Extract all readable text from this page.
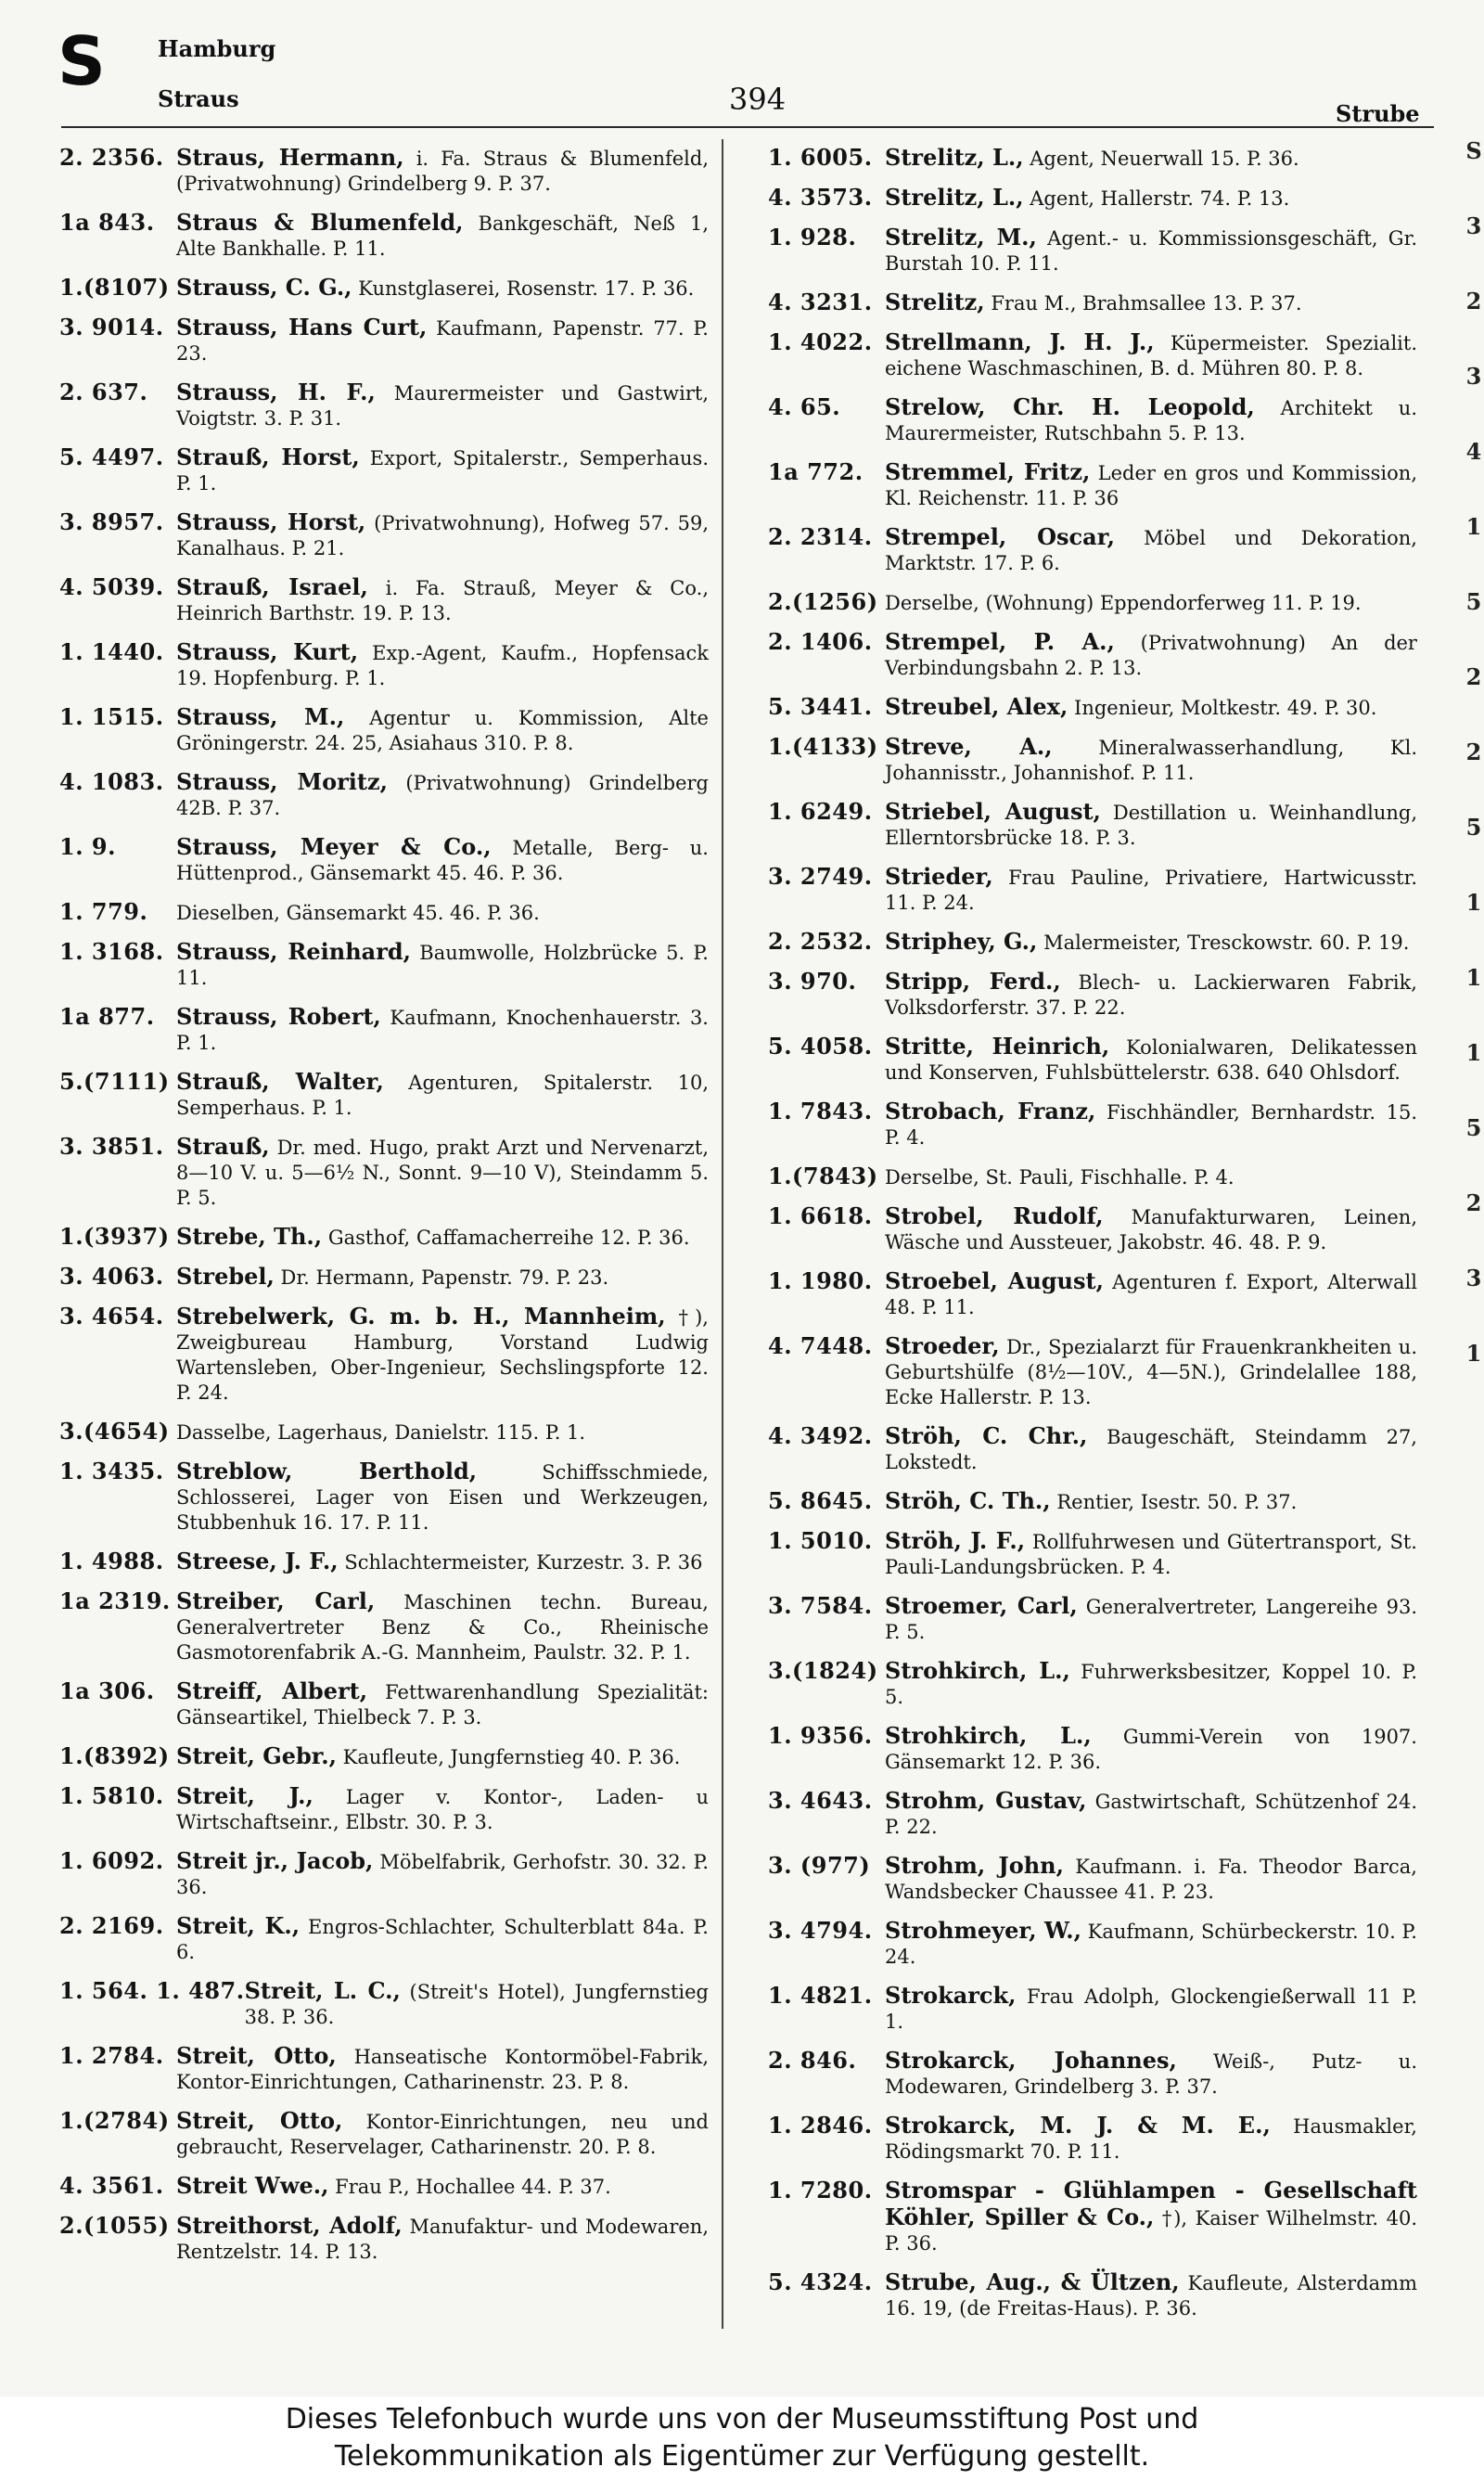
S Hamburg
Straus	394	Strube
2. 2356. Straus, Hermann, i. Fa. Straus & Blumenfeld, (Privatwohnung) Grindelberg 9. P. 37.
1a 843. Straus & Blumenfeld, Bankgeschäft, Neß 1, Alte Bankhalle. P. 11.
1.(8107) Strauss, C. G., Kunstglaserei, Rosenstr. 17. P. 36.
3. 9014. Strauss, Hans Curt, Kaufmann, Papenstr. 77. P. 23.
2. 637.	Strauss, H. F., Maurermeister und Gastwirt, Voigtstr. 3. P. 31.
5. 4497. Strauß, Horst, Export, Spitalerstr., Semperhaus. P. 1.
3. 8957. Strauss, Horst, (Privatwohnung), Hofweg 57. 59, Kanalhaus. P. 21.
4. 5039. Strauß, Israel, i. Fa. Strauß, Meyer & Co., Heinrich Barthstr. 19. P. 13.
1. 1440. Strauss, Kurt, Exp.-Agent, Kaufm., Hopfensack 19. Hopfenburg. P. 1.
1. 1515. Strauss, M., Agentur u. Kommission, Alte Gröningerstr. 24. 25, Asiahaus 310. P. 8.
4. 1083. Strauss, Moritz, (Privatwohnung) Grindelberg 42B. P. 37.
1. 9.	Strauss, Meyer & Co., Metalle, Berg- u. Hüttenprod., Gänsemarkt 45. 46. P. 36.
1. 779.	Dieselben, Gänsemarkt 45. 46. P. 36.
1. 3168. Strauss, Reinhard, Baumwolle, Holzbrücke 5. P. 11.
1a 877. Strauss, Robert, Kaufmann, Knochenhauerstr. 3. P. 1.
5.(7111) Strauß, Walter, Agenturen, Spitalerstr. 10, Semperhaus. P. 1.
3. 3851. Strauß, Dr. med. Hugo, prakt Arzt und Nervenarzt, 8—10 V. u. 5—6½ N., Sonnt. 9—10 V), Steindamm 5. P. 5.
1.(3937) Strebe, Th., Gasthof, Caffamacherreihe 12. P. 36.
3. 4063. Strebel, Dr. Hermann, Papenstr. 79. P. 23.
3. 4654. Strebelwerk, G. m. b. H., Mannheim, †), Zweigbureau Hamburg, Vorstand Ludwig Wartensleben, Ober-Ingenieur, Sechslingspforte 12. P. 24.
3.(4654) Dasselbe, Lagerhaus, Danielstr. 115. P. 1.
1. 3435. Streblow, Berthold,	Schiffsschmiede, Schlosserei, Lager von Eisen und Werkzeugen, Stubbenhuk 16. 17. P. 11.
1. 4988. Streese, J. F., Schlachtermeister, Kurzestr. 3. P. 36
1a 2319. Streiber, Carl, Maschinen techn. Bureau, Generalvertreter Benz & Co., Rheinische Gasmotorenfabrik A.-G. Mannheim, Paulstr. 32. P. 1.
1a 306. Streiff, Albert, Fettwarenhandlung Spezialität: Gänseartikel, Thielbeck 7. P. 3.
1.(8392) Streit, Gebr., Kaufleute, Jungfernstieg 40. P. 36.
1. 5810. Streit, J., Lager v. Kontor-, Laden- u Wirtschaftseinr., Elbstr. 30. P. 3.
1. 6092. Streit jr., Jacob, Möbelfabrik, Gerhofstr. 30. 32. P. 36.
2. 2169. Streit, K., Engros-Schlachter, Schulterblatt 84a. P. 6.
1. 564. 1. 487. Streit, L. C., (Streit's Hotel), Jungfernstieg 38. P. 36.
1. 2784. Streit, Otto, Hanseatische Kontormöbel-Fabrik, Kontor-Einrichtungen, Catharinenstr. 23. P. 8.
1.(2784) Streit, Otto, Kontor-Einrichtungen, neu und gebraucht, Reservelager, Catharinenstr. 20. P. 8.
4. 3561. Streit Wwe., Frau P., Hochallee 44. P. 37.
2.(1055) Streithorst, Adolf, Manufaktur- und Modewaren, Rentzelstr. 14. P. 13.
1. 6005. Strelitz, L., Agent, Neuerwall 15. P. 36.
4. 3573. Strelitz, L., Agent, Hallerstr. 74. P. 13.
1. 928.	Strelitz, M., Agent.- u. Kommissionsgeschäft, Gr. Burstah 10. P. 11.
4. 3231. Strelitz, Frau M., Brahmsallee 13. P. 37.
1. 4022. Strellmann, J. H. J., Küpermeister. Spezialit. eichene Waschmaschinen, B. d. Mühren 80. P. 8.
4. 65.	Strelow, Chr. H. Leopold, Architekt u. Maurermeister, Rutschbahn 5. P. 13.
1a 772. Stremmel, Fritz, Leder en gros und Kommission, Kl. Reichenstr. 11. P. 36
2. 2314. Strempel, Oscar, Möbel und Dekoration, Marktstr. 17. P. 6.
2.(1256) Derselbe, (Wohnung) Eppendorferweg 11. P. 19.
2. 1406. Strempel, P. A., (Privatwohnung) An der Verbindungsbahn 2. P. 13.
5. 3441. Streubel, Alex, Ingenieur, Moltkestr. 49. P. 30.
1.(4133) Streve, A., Mineralwasserhandlung, Kl. Johannisstr., Johannishof. P. 11.
1. 6249. Striebel, August, Destillation u. Weinhandlung, Ellerntorsbrücke 18. P. 3.
3. 2749. Strieder, Frau Pauline, Privatiere, Hartwicusstr. 11. P. 24.
2. 2532. Striphey, G., Malermeister, Tresckowstr. 60. P. 19.
3. 970.	Stripp, Ferd., Blech- u. Lackierwaren Fabrik, Volksdorferstr. 37. P. 22.
5. 4058. Stritte, Heinrich, Kolonialwaren, Delikatessen und Konserven, Fuhlsbüttelerstr. 638. 640 Ohlsdorf.
1. 7843. Strobach, Franz, Fischhändler, Bernhardstr. 15. P. 4.
1.(7843) Derselbe, St. Pauli, Fischhalle. P. 4.
1. 6618. Strobel, Rudolf, Manufakturwaren, Leinen, Wäsche und Aussteuer, Jakobstr. 46. 48. P. 9.
1. 1980. Stroebel, August, Agenturen f. Export, Alterwall 48. P. 11.
4. 7448. Stroeder, Dr., Spezialarzt für Frauenkrankheiten u. Geburtshülfe (8½—10V., 4—5N.), Grindelallee 188, Ecke Hallerstr. P. 13.
4. 3492. Ströh, C. Chr., Baugeschäft, Steindamm 27, Lokstedt.
5. 8645. Ströh, C. Th., Rentier, Isestr. 50. P. 37.
1. 5010. Ströh, J. F., Rollfuhrwesen und Gütertransport, St. Pauli-Landungsbrücken. P. 4.
3. 7584. Stroemer, Carl, Generalvertreter, Langereihe 93. P. 5.
3.(1824) Strohkirch, L., Fuhrwerksbesitzer, Koppel 10. P. 5.
1. 9356. Strohkirch, L., Gummi-Verein von 1907. Gänsemarkt 12. P. 36.
3. 4643. Strohm, Gustav, Gastwirtschaft, Schützenhof 24. P. 22.
3. (977) Strohm, John, Kaufmann. i. Fa. Theodor Barca, Wandsbecker Chaussee 41. P. 23.
3. 4794. Strohmeyer, W., Kaufmann, Schürbeckerstr. 10. P. 24.
1. 4821. Strokarck, Frau Adolph, Glockengießerwall 11 P. 1.
2. 846.	Strokarck, Johannes, Weiß-, Putz- u. Modewaren, Grindelberg 3. P. 37.
1. 2846. Strokarck, M. J. & M. E., Hausmakler, Rödingsmarkt 70. P. 11.
1. 7280. Stromspar - Glühlampen - Gesellschaft Köhler, Spiller & Co., †), Kaiser Wilhelmstr. 40. P. 36.
5. 4324. Strube, Aug., & Ültzen, Kaufleute, Alsterdamm 16. 19, (de Freitas-Haus). P. 36.
S
3
2
3
4
1
5
2
2
5
1
1
1
5
2
3
1
Dieses Telefonbuch wurde uns von der Museumsstiftung Post und
Telekommunikation als Eigentümer zur Verfügung gestellt.
